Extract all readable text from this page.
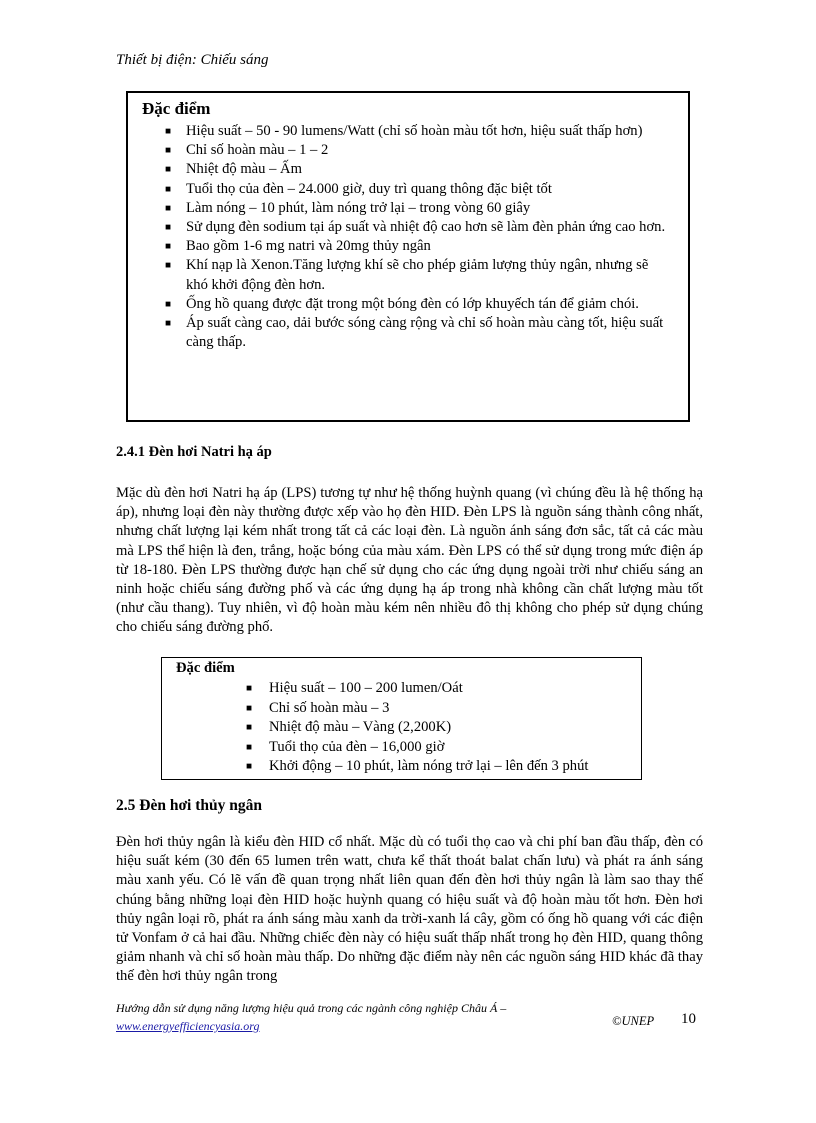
Thiết bị điện: Chiếu sáng
Đặc điểm
■ Hiệu suất – 50 - 90 lumens/Watt (chỉ số hoàn màu tốt hơn, hiệu suất thấp hơn)
■ Chỉ số hoàn màu – 1 – 2
■ Nhiệt độ màu – Ấm
■ Tuổi thọ của đèn – 24.000 giờ, duy trì quang thông đặc biệt tốt
■ Làm nóng – 10 phút, làm nóng trở lại – trong vòng 60 giây
■ Sử dụng đèn sodium tại áp suất và nhiệt độ cao hơn sẽ làm đèn phản ứng cao hơn.
■ Bao gồm 1-6 mg natri và 20mg thủy ngân
■ Khí nạp là Xenon.Tăng lượng khí sẽ cho phép giảm lượng thủy ngân, nhưng sẽ khó khởi động đèn hơn.
■ Ống hồ quang được đặt trong một bóng đèn có lớp khuyếch tán để giảm chói.
■ Áp suất càng cao, dải bước sóng càng rộng và chỉ số hoàn màu càng tốt, hiệu suất càng thấp.
2.4.1 Đèn hơi Natri hạ áp

Mặc dù đèn hơi Natri hạ áp (LPS) tương tự như hệ thống huỳnh quang (vì chúng đều là hệ thống hạ áp), nhưng loại đèn này thường được xếp vào họ đèn HID. Đèn LPS là nguồn sáng thành công nhất, nhưng chất lượng lại kém nhất trong tất cả các loại đèn. Là nguồn ánh sáng đơn sắc, tất cả các màu mà LPS thể hiện là đen, trắng, hoặc bóng của màu xám. Đèn LPS có thể sử dụng trong mức điện áp từ 18-180. Đèn LPS thường được hạn chế sử dụng cho các ứng dụng ngoài trời như chiếu sáng an ninh hoặc chiếu sáng đường phố và các ứng dụng hạ áp trong nhà không cần chất lượng màu tốt (như cầu thang). Tuy nhiên, vì độ hoàn màu kém nên nhiều đô thị không cho phép sử dụng chúng cho chiếu sáng đường phố.

Đặc điểm
■ Hiệu suất – 100 – 200 lumen/Oát
■ Chỉ số hoàn màu – 3
■ Nhiệt độ màu – Vàng (2,200K)
■ Tuổi thọ của đèn – 16,000 giờ
■ Khởi động – 10 phút, làm nóng trở lại – lên đến 3 phút
2.5 Đèn hơi thủy ngân

Đèn hơi thủy ngân là kiểu đèn HID cổ nhất. Mặc dù có tuổi thọ cao và chi phí ban đầu thấp, đèn có hiệu suất kém (30 đến 65 lumen trên watt, chưa kể thất thoát balat chấn lưu) và phát ra ánh sáng màu xanh yếu. Có lẽ vấn đề quan trọng nhất liên quan đến đèn hơi thủy ngân là làm sao thay thế chúng bằng những loại đèn HID hoặc huỳnh quang có hiệu suất và độ hoàn màu tốt hơn. Đèn hơi thủy ngân loại rõ, phát ra ánh sáng màu xanh da trời-xanh lá cây, gồm có ống hồ quang với các điện tử Vonfam ở cả hai đầu. Những chiếc đèn này có hiệu suất thấp nhất trong họ đèn HID, quang thông giảm nhanh và chỉ số hoàn màu thấp. Do những đặc điểm này nên các nguồn sáng HID khác đã thay thế đèn hơi thủy ngân trong

Hướng dẫn sử dụng năng lượng hiệu quả trong các ngành công nghiệp Châu Á –
www.energyefficiencyasia.org	©UNEP 10
